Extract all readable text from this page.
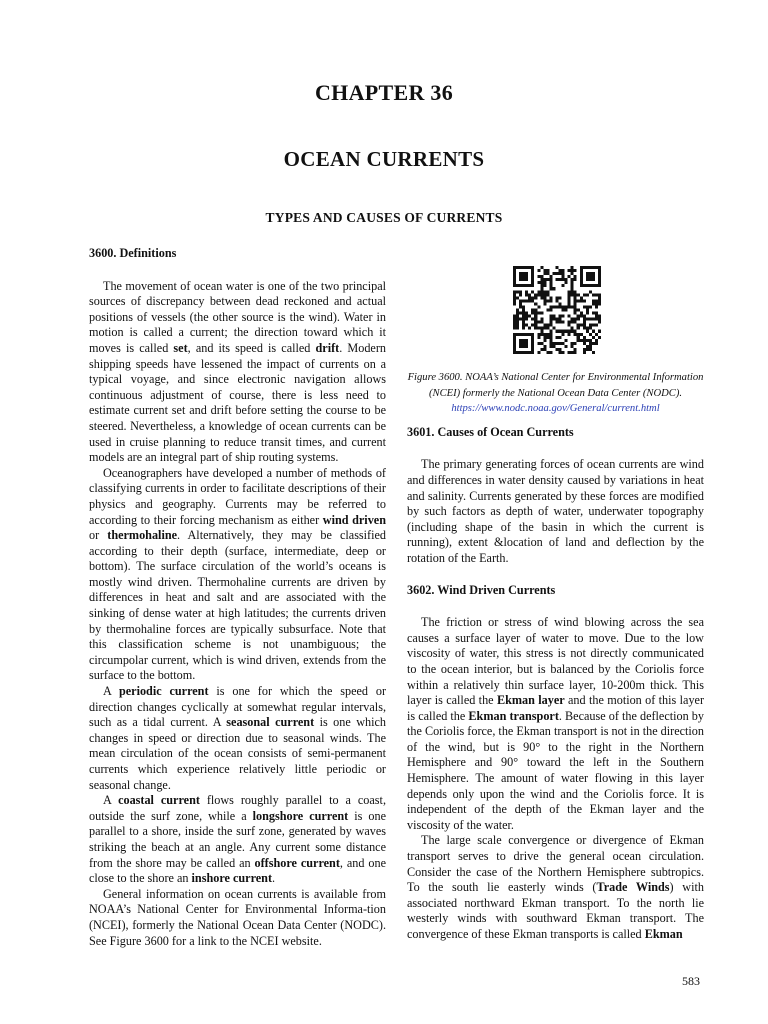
CHAPTER 36
OCEAN CURRENTS
TYPES AND CAUSES OF CURRENTS
3600. Definitions

The movement of ocean water is one of the two principal sources of discrepancy between dead reckoned and actual positions of vessels (the other source is the wind). Water in motion is called a current; the direction toward which it moves is called set, and its speed is called drift. Modern shipping speeds have lessened the impact of currents on a typical voyage, and since electronic navigation allows continuous adjustment of course, there is less need to estimate current set and drift before setting the course to be steered. Nevertheless, a knowledge of ocean currents can be used in cruise planning to reduce transit times, and current models are an integral part of ship routing systems.

Oceanographers have developed a number of methods of classifying currents in order to facilitate descriptions of their physics and geography. Currents may be referred to according to their forcing mechanism as either wind driven or thermohaline. Alternatively, they may be classified according to their depth (surface, intermediate, deep or bottom). The surface circulation of the world’s oceans is mostly wind driven. Thermohaline currents are driven by differences in heat and salt and are associated with the sinking of dense water at high latitudes; the currents driven by thermohaline forces are typically subsurface. Note that this classification scheme is not unambiguous; the circumpolar current, which is wind driven, extends from the surface to the bottom.

A periodic current is one for which the speed or direction changes cyclically at somewhat regular intervals, such as a tidal current. A seasonal current is one which changes in speed or direction due to seasonal winds. The mean circulation of the ocean consists of semi-permanent currents which experience relatively little periodic or seasonal change.

A coastal current flows roughly parallel to a coast, outside the surf zone, while a longshore current is one parallel to a shore, inside the surf zone, generated by waves striking the beach at an angle. Any current some distance from the shore may be called an offshore current, and one close to the shore an inshore current.

General information on ocean currents is available from NOAA’s National Center for Environmental Informa-tion (NCEI), formerly the National Ocean Data Center (NODC). See Figure 3600 for a link to the NCEI website.

Figure 3600. NOAA’s National Center for Environmental Information (NCEI) formerly the National Ocean Data Center (NODC).
https://www.nodc.noaa.gov/General/current.html

3601. Causes of Ocean Currents

The primary generating forces of ocean currents are wind and differences in water density caused by variations in heat and salinity. Currents generated by these forces are modified by such factors as depth of water, underwater topography (including shape of the basin in which the current is running), extent &location of land and deflection by the rotation of the Earth.

3602. Wind Driven Currents

The friction or stress of wind blowing across the sea causes a surface layer of water to move. Due to the low viscosity of water, this stress is not directly communicated to the ocean interior, but is balanced by the Coriolis force within a relatively thin surface layer, 10-200m thick. This layer is called the Ekman layer and the motion of this layer is called the Ekman transport. Because of the deflection by the Coriolis force, the Ekman transport is not in the direction of the wind, but is 90° to the right in the Northern Hemisphere and 90° toward the left in the Southern Hemisphere. The amount of water flowing in this layer depends only upon the wind and the Coriolis force. It is independent of the depth of the Ekman layer and the viscosity of the water.

The large scale convergence or divergence of Ekman transport serves to drive the general ocean circulation. Consider the case of the Northern Hemisphere subtropics. To the south lie easterly winds (Trade Winds) with associated northward Ekman transport. To the north lie westerly winds with southward Ekman transport. The convergence of these Ekman transports is called Ekman

583
